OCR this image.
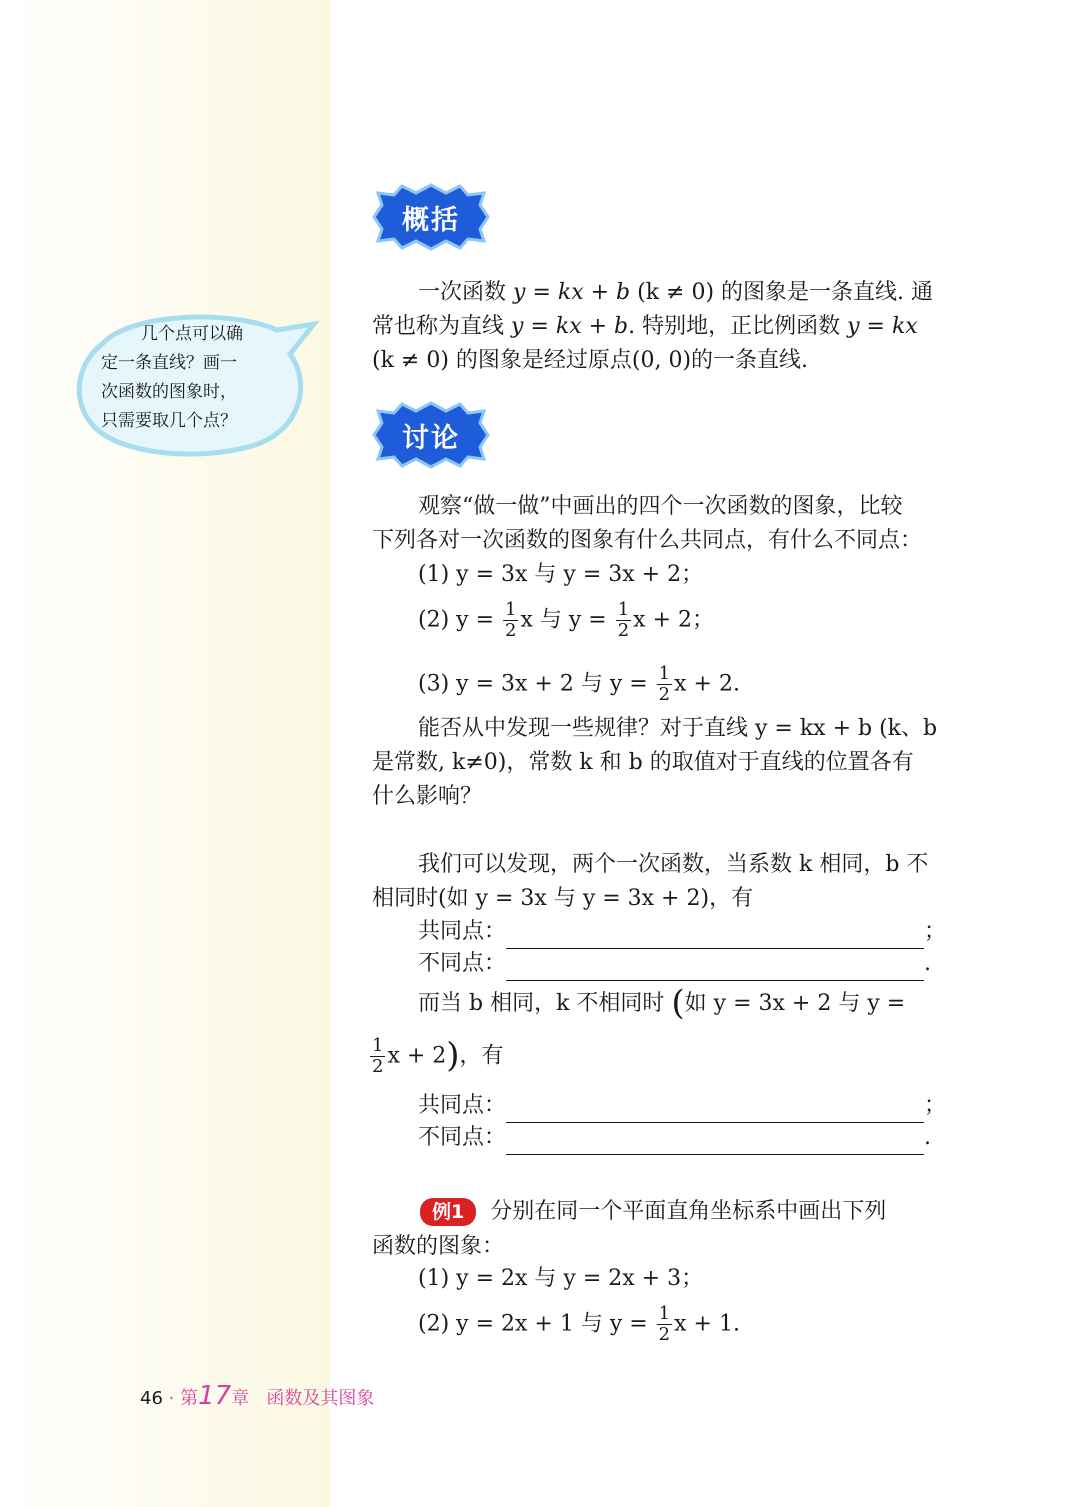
概括
一次函数 y = kx + b (k ≠ 0) 的图象是一条直线. 通
常也称为直线 y = kx + b. 特别地，正比例函数 y = kx
(k ≠ 0) 的图象是经过原点(0, 0)的一条直线.
几个点可以确
定一条直线？画一
次函数的图象时，
只需要取几个点？
讨论
观察“做一做”中画出的四个一次函数的图象，比较
下列各对一次函数的图象有什么共同点，有什么不同点：
(1) y = 3x 与 y = 3x + 2；
(2) $y = \frac{1}{2}$ x 与 $y = \frac{1}{2}$ x + 2；
(3) y = 3x + 2 与 $y = \frac{1}{2}$ x + 2.
能否从中发现一些规律？对于直线 y = kx + b (k、b
是常数, k≠0)，常数 k 和 b 的取值对于直线的位置各有
什么影响？
我们可以发现，两个一次函数，当系数 k 相同，b 不
相同时(如 y = 3x 与 y = 3x + 2)，有
共同点：	；
不同点：	.
而当 b 相同，k 不相同时 (如 y = 3x + 2 与 y =
$\frac{1}{2}$ x + 2)，有
共同点：	；
不同点：	.
例1 分别在同一个平面直角坐标系中画出下列
函数的图象：
(1) y = 2x 与 y = 2x + 3；
(2) y = 2x + 1 与 $y = \frac{1}{2}$ x + 1.
46 · 第17章 函数及其图象
